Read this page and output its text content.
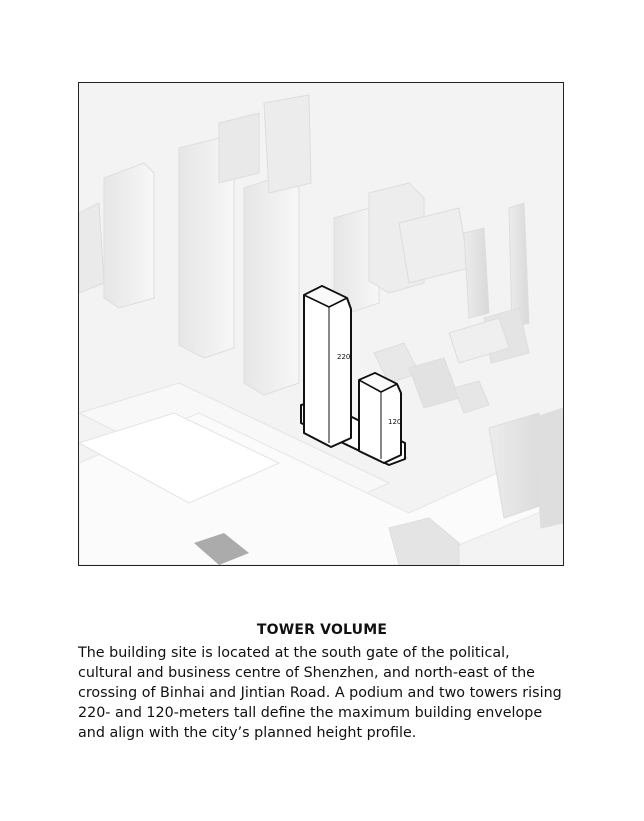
220
120
TOWER VOLUME
The building site is located at the south gate of the political, cultural and business centre of Shenzhen, and north-east of the crossing of Binhai and Jintian Road. A podium and two towers rising 220- and 120-meters tall define the maximum building envelope and align with the city’s planned height profile.
